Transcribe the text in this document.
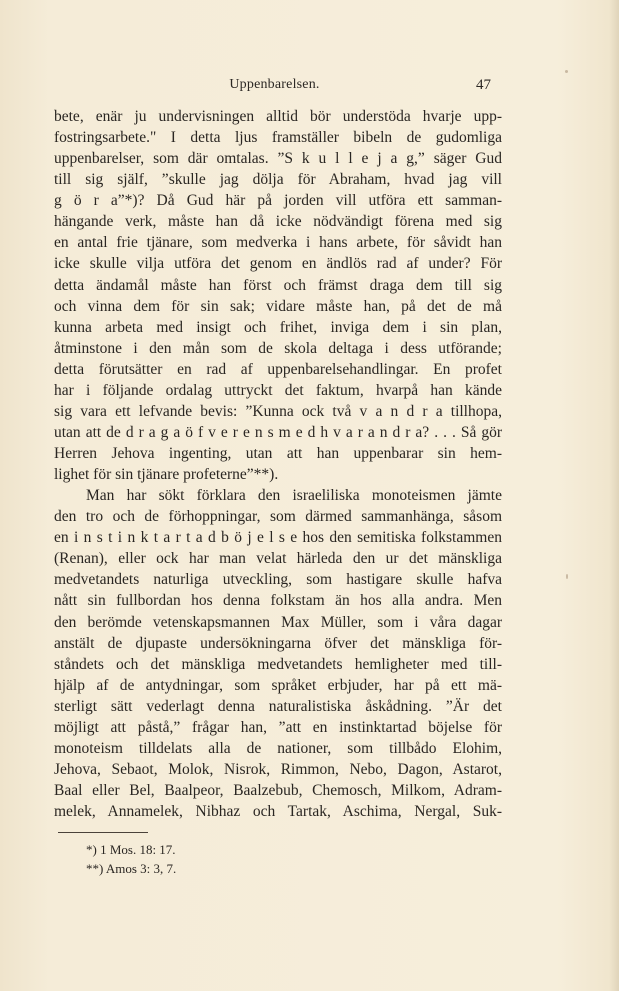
Uppenbarelsen.	47
bete, enär ju undervisningen alltid bör understöda hvarje upp-
fostringsarbete." I detta ljus framställer bibeln de gudomliga
uppenbarelser, som där omtalas. ”S k u l l e j a g,” säger Gud
till sig själf, ”skulle jag dölja för Abraham, hvad jag vill
g ö r a”*)? Då Gud här på jorden vill utföra ett samman-
hängande verk, måste han då icke nödvändigt förena med sig
en antal frie tjänare, som medverka i hans arbete, för såvidt han
icke skulle vilja utföra det genom en ändlös rad af under? För
detta ändamål måste han först och främst draga dem till sig
och vinna dem för sin sak; vidare måste han, på det de må
kunna arbeta med insigt och frihet, inviga dem i sin plan,
åtminstone i den mån som de skola deltaga i dess utförande;
detta förutsätter en rad af uppenbarelsehandlingar. En profet
har i följande ordalag uttryckt det faktum, hvarpå han kände
sig vara ett lefvande bevis: ”Kunna ock två v a n d r a tillhopa,
utan att de d r a g a ö f v e r e n s m e d h v a r a n d r a? . . . Så gör
Herren Jehova ingenting, utan att han uppenbarar sin hem-
lighet för sin tjänare profeterne”**).
Man har sökt förklara den israeliliska monoteismen jämte
den tro och de förhoppningar, som därmed sammanhänga, såsom
en i n s t i n k t a r t a d b ö j e l s e hos den semitiska folkstammen
(Renan), eller ock har man velat härleda den ur det mänskliga
medvetandets naturliga utveckling, som hastigare skulle hafva
nått sin fullbordan hos denna folkstam än hos alla andra. Men
den berömde vetenskapsmannen Max Müller, som i våra dagar
anstält de djupaste undersökningarna öfver det mänskliga för-
ståndets och det mänskliga medvetandets hemligheter med till-
hjälp af de antydningar, som språket erbjuder, har på ett mä-
sterligt sätt vederlagt denna naturalistiska åskådning. ”Är det
möjligt att påstå,” frågar han, ”att en instinktartad böjelse för
monoteism tilldelats alla de nationer, som tillbådo Elohim,
Jehova, Sebaot, Molok, Nisrok, Rimmon, Nebo, Dagon, Astarot,
Baal eller Bel, Baalpeor, Baalzebub, Chemosch, Milkom, Adram-
melek, Annamelek, Nibhaz och Tartak, Aschima, Nergal, Suk-
*) 1 Mos. 18: 17.
**) Amos 3: 3, 7.
